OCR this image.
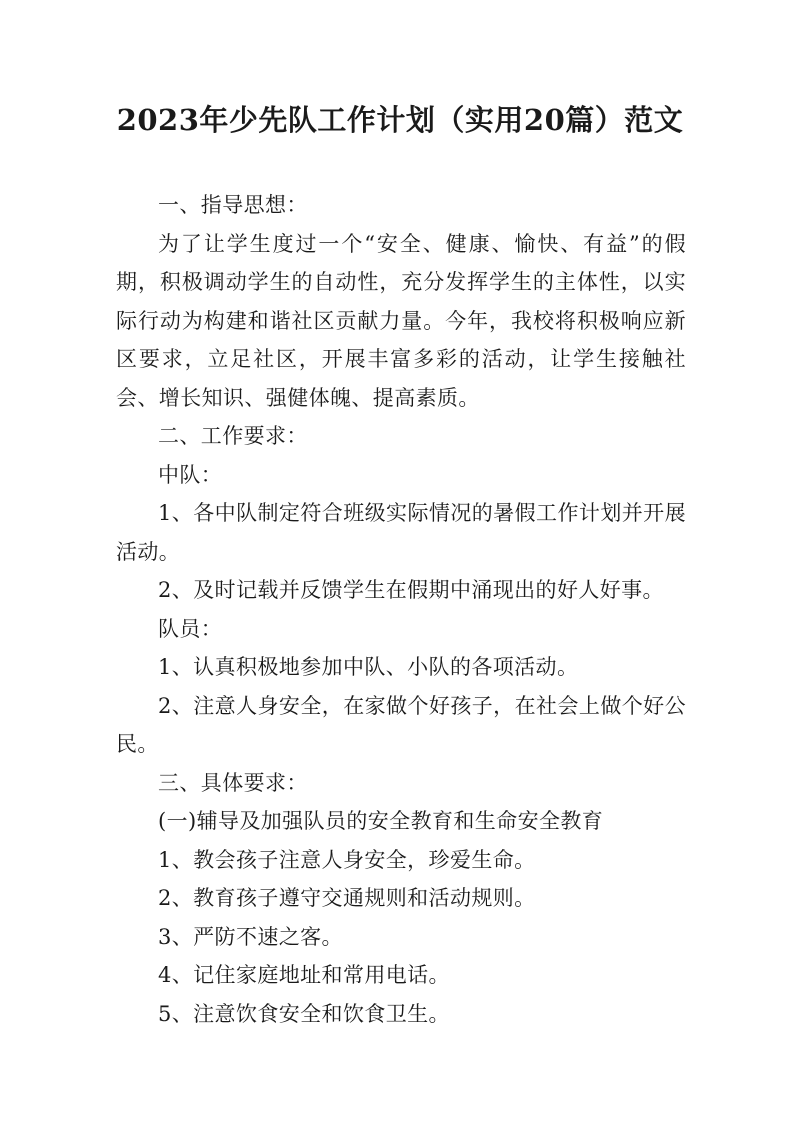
2023年少先队工作计划（实用20篇）范文

一、指导思想：

为了让学生度过一个“安全、健康、愉快、有益”的假期，积极调动学生的自动性，充分发挥学生的主体性，以实际行动为构建和谐社区贡献力量。今年，我校将积极响应新区要求，立足社区，开展丰富多彩的活动，让学生接触社会、增长知识、强健体魄、提高素质。

二、工作要求：

中队：

1、各中队制定符合班级实际情况的暑假工作计划并开展活动。

2、及时记载并反馈学生在假期中涌现出的好人好事。

队员：

1、认真积极地参加中队、小队的各项活动。

2、注意人身安全，在家做个好孩子，在社会上做个好公民。

三、具体要求：

(一)辅导及加强队员的安全教育和生命安全教育

1、教会孩子注意人身安全，珍爱生命。

2、教育孩子遵守交通规则和活动规则。

3、严防不速之客。

4、记住家庭地址和常用电话。

5、注意饮食安全和饮食卫生。
